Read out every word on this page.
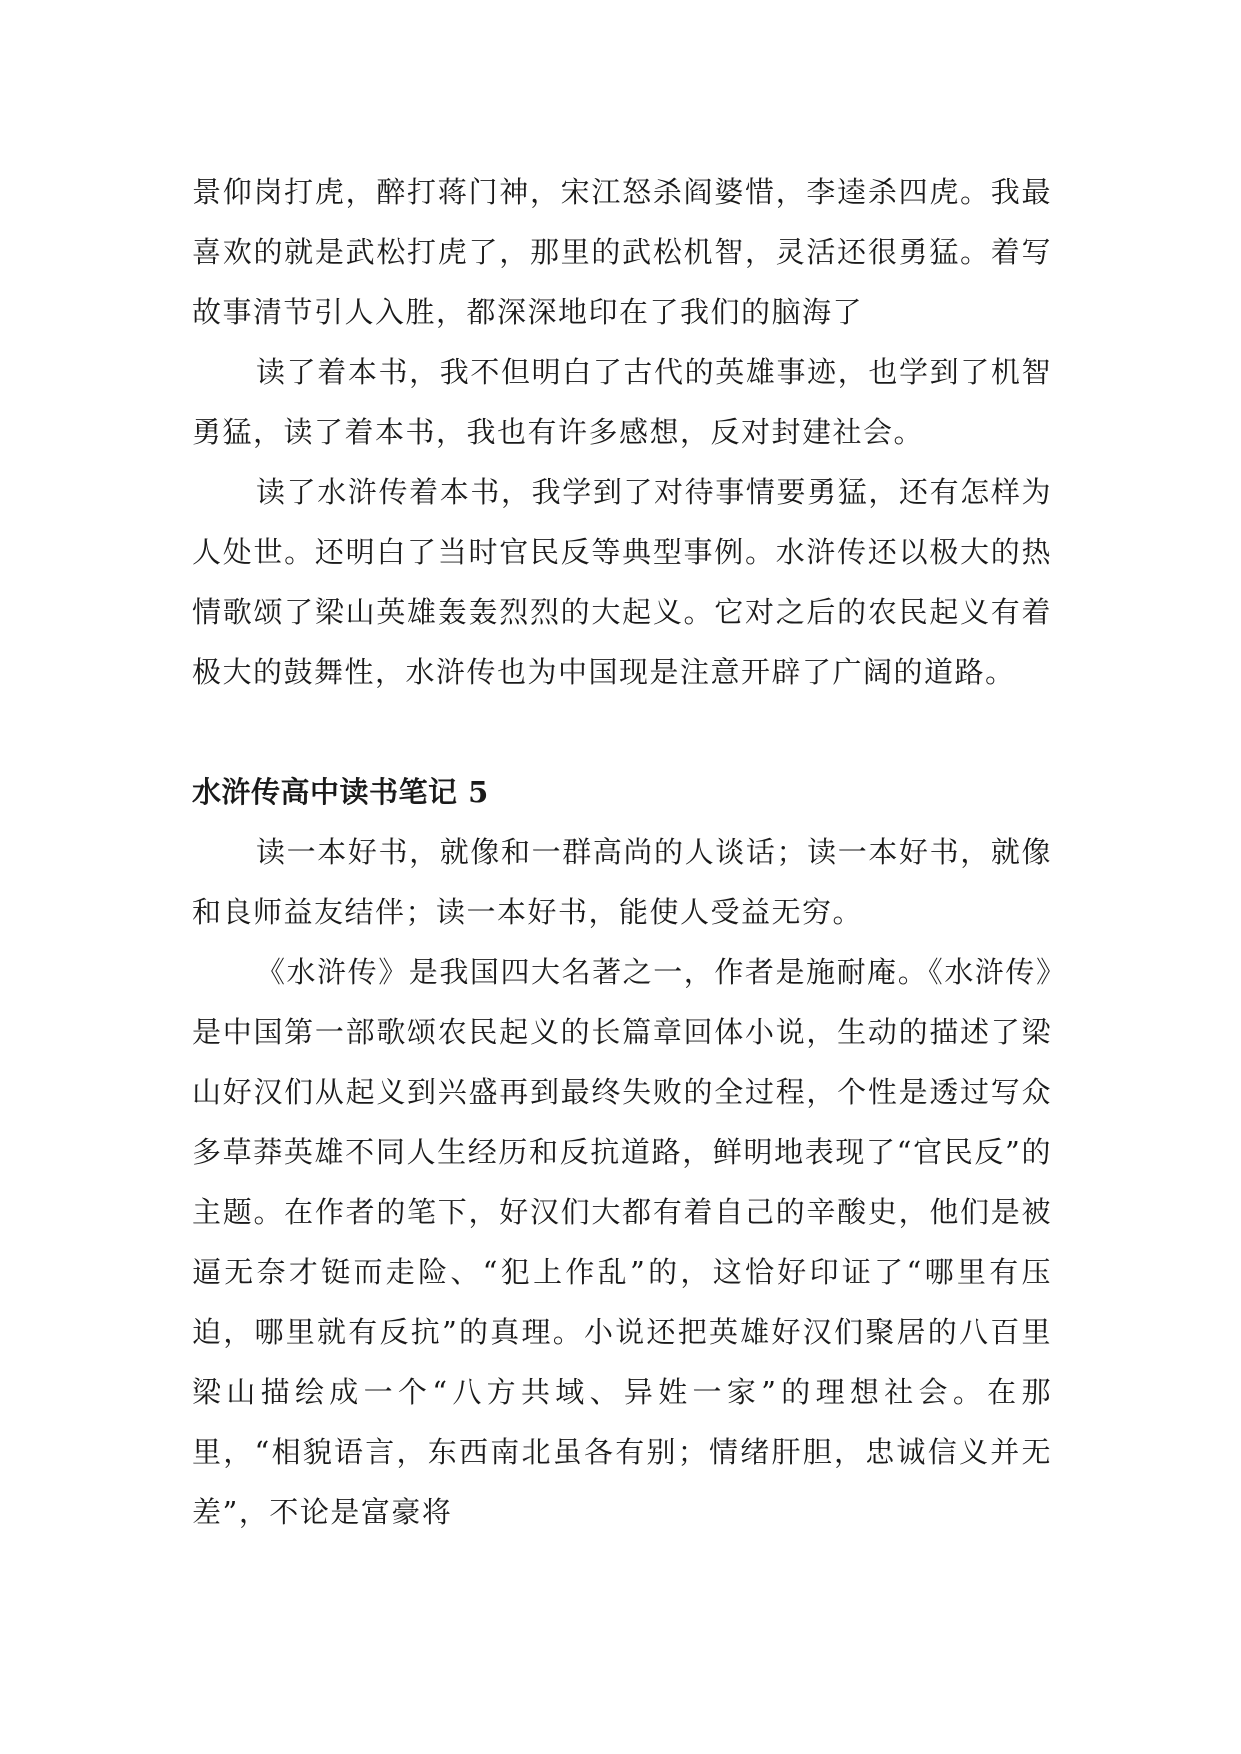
景仰岗打虎，醉打蒋门神，宋江怒杀阎婆惜，李逵杀四虎。我最喜欢的就是武松打虎了，那里的武松机智，灵活还很勇猛。着写故事清节引人入胜，都深深地印在了我们的脑海了

读了着本书，我不但明白了古代的英雄事迹，也学到了机智勇猛，读了着本书，我也有许多感想，反对封建社会。

读了水浒传着本书，我学到了对待事情要勇猛，还有怎样为人处世。还明白了当时官民反等典型事例。水浒传还以极大的热情歌颂了梁山英雄轰轰烈烈的大起义。它对之后的农民起义有着极大的鼓舞性，水浒传也为中国现是注意开辟了广阔的道路。

水浒传高中读书笔记 5

读一本好书，就像和一群高尚的人谈话；读一本好书，就像和良师益友结伴；读一本好书，能使人受益无穷。

《水浒传》是我国四大名著之一，作者是施耐庵。《水浒传》是中国第一部歌颂农民起义的长篇章回体小说，生动的描述了梁山好汉们从起义到兴盛再到最终失败的全过程，个性是透过写众多草莽英雄不同人生经历和反抗道路，鲜明地表现了“官民反”的主题。在作者的笔下，好汉们大都有着自己的辛酸史，他们是被逼无奈才铤而走险、“犯上作乱”的，这恰好印证了“哪里有压迫，哪里就有反抗”的真理。小说还把英雄好汉们聚居的八百里梁山描绘成一个“八方共域、异姓一家”的理想社会。在那里，“相貌语言，东西南北虽各有别；情绪肝胆，忠诚信义并无差”，不论是富豪将
